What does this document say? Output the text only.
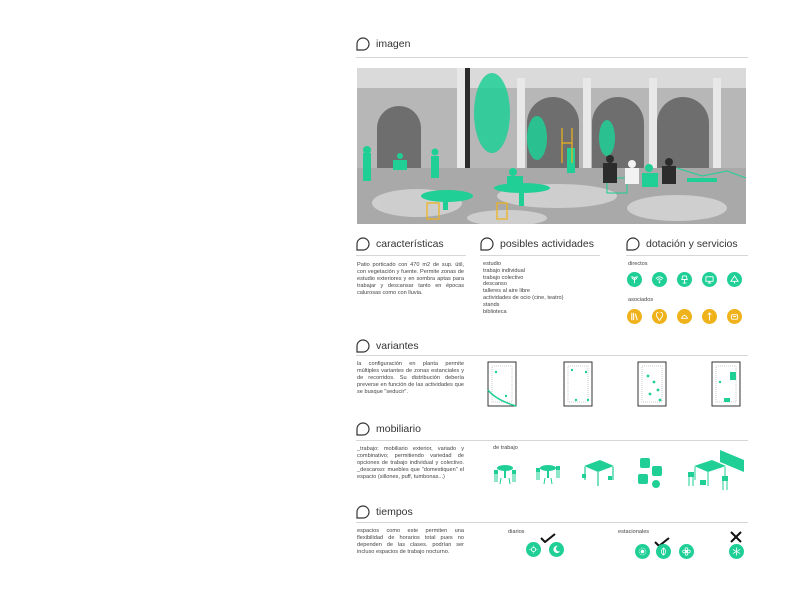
imagen
características
Patio porticado con 470 m2 de sup. útil, con vegetación y fuente. Permite zonas de estudio exteriores y en sombra aptas para trabajar y descansar tanto en épocas calurosas como con lluvia.
posibles actividades
estudio
trabajo individual
trabajo colectivo
descanso
talleres al aire libre
actividades de ocio (cine, teatro)
stands
biblioteca
dotación y servicios
directos
asociados
variantes
la configuración en planta permite múltiples variantes de zonas estanciales y de recorridos. Su distribución debería preverse en función de las actividades que se busque "seducir".
mobiliario
_trabajo: mobiliario exterior, variado y combinativo; permitiendo variedad de opciones de trabajo individual y colectivo. _descanso: muebles que "domestiquen" el espacio (sillones, puff, tumbonas...)
de trabajo
tiempos
espacios como este permiten una flexibilidad de horarios total pues no dependen de las clases. podrían ser incluso espacios de trabajo nocturno.
diarios	estacionales
